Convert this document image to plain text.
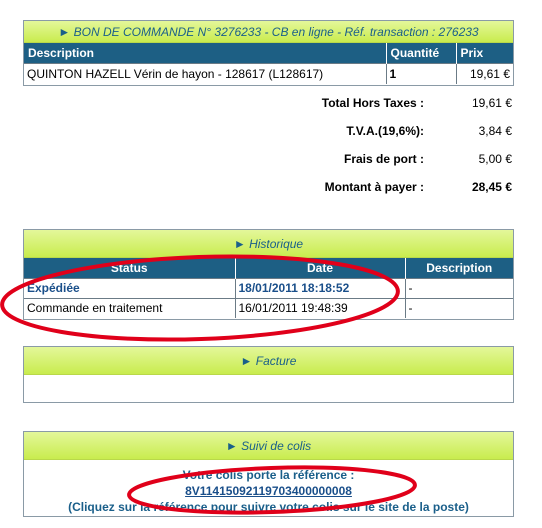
► BON DE COMMANDE N° 3276233 - CB en ligne - Réf. transaction : 276233
Description	Quantité	Prix
QUINTON HAZELL Vérin de hayon - 128617 (L128617)	1	19,61 €
Total Hors Taxes :	19,61 €
T.V.A.(19,6%):	3,84 €
Frais de port :	5,00 €
Montant à payer :	28,45 €
► Historique
Status	Date	Description
Expédiée	18/01/2011 18:18:52	-
Commande en traitement	16/01/2011 19:48:39	-
► Facture
► Suivi de colis
Votre colis porte la référence :
8V11415092119703400000008
(Cliquez sur la référence pour suivre votre colis sur le site de la poste)
